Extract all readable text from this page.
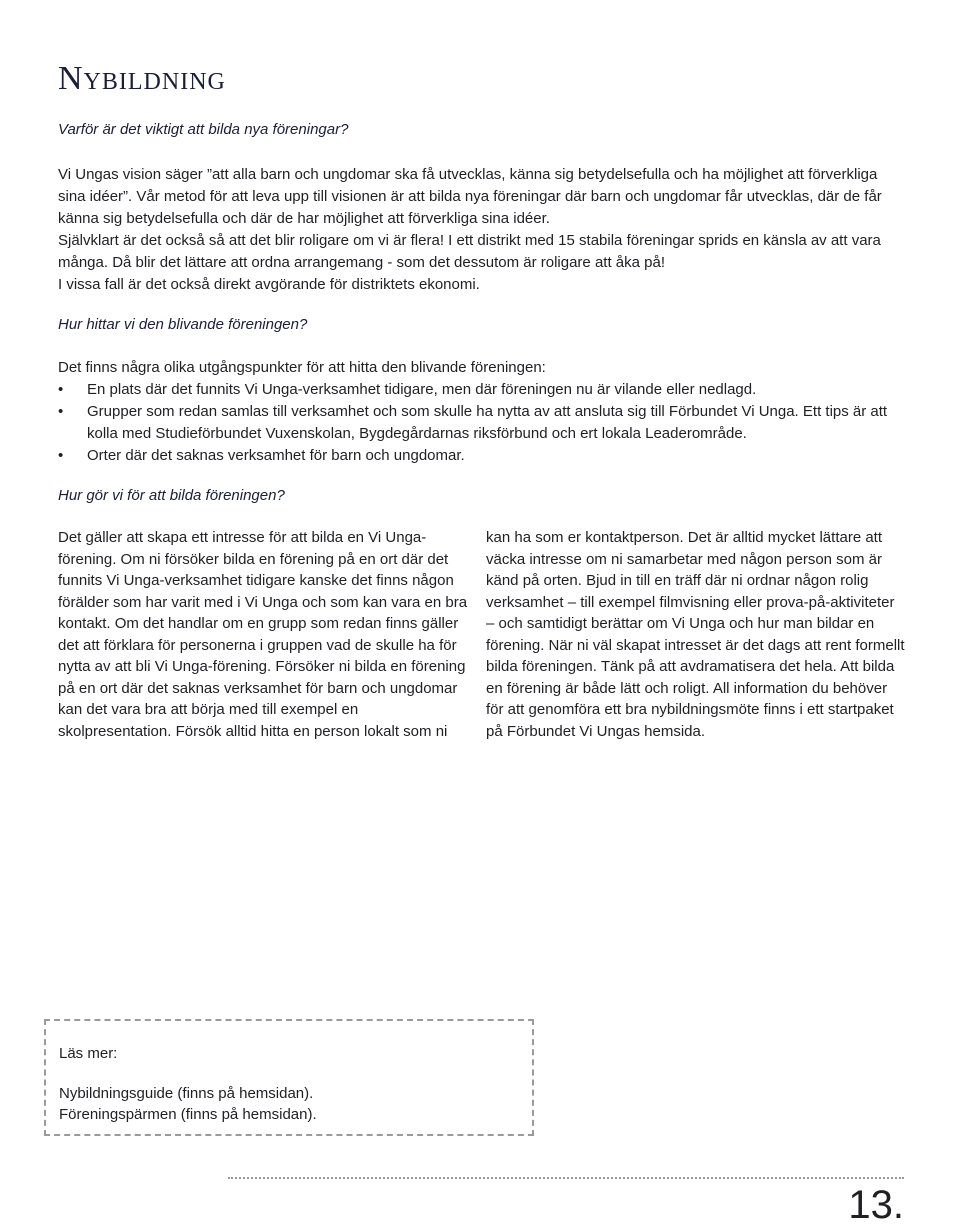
Nybildning
Varför är det viktigt att bilda nya föreningar?

Vi Ungas vision säger ”att alla barn och ungdomar ska få utvecklas, känna sig betydelsefulla och ha möjlighet att förverkliga sina idéer”. Vår metod för att leva upp till visionen är att bilda nya föreningar där barn och ungdomar får utvecklas, där de får känna sig betydelsefulla och där de har möjlighet att förverkliga sina idéer.

Självklart är det också så att det blir roligare om vi är flera! I ett distrikt med 15 stabila föreningar sprids en känsla av att vara många. Då blir det lättare att ordna arrangemang - som det dessutom är roligare att åka på!

I vissa fall är det också direkt avgörande för distriktets ekonomi.

Hur hittar vi den blivande föreningen?
Det finns några olika utgångspunkter för att hitta den blivande föreningen:
• En plats där det funnits Vi Unga-verksamhet tidigare, men där föreningen nu är vilande eller nedlagd.
• Grupper som redan samlas till verksamhet och som skulle ha nytta av att ansluta sig till Förbundet Vi Unga. Ett tips är att kolla med Studieförbundet Vuxenskolan, Bygdegårdarnas riksförbund och ert lokala Leaderområde.
• Orter där det saknas verksamhet för barn och ungdomar.
Hur gör vi för att bilda föreningen?

Det gäller att skapa ett intresse för att bilda en Vi Unga-förening. Om ni försöker bilda en förening på en ort där det funnits Vi Unga-verksamhet tidigare kanske det finns någon förälder som har varit med i Vi Unga och som kan vara en bra kontakt. Om det handlar om en grupp som redan finns gäller det att förklara för personerna i gruppen vad de skulle ha för nytta av att bli Vi Unga-förening. Försöker ni bilda en förening på en ort där det saknas verksamhet för barn och ungdomar kan det vara bra att börja med till exempel en skolpresentation. Försök alltid hitta en person lokalt som ni

kan ha som er kontaktperson. Det är alltid mycket lättare att väcka intresse om ni samarbetar med någon person som är känd på orten. Bjud in till en träff där ni ordnar någon rolig verksamhet – till exempel filmvisning eller prova-på-aktiviteter – och samtidigt berättar om Vi Unga och hur man bildar en förening. När ni väl skapat intresset är det dags att rent formellt bilda föreningen. Tänk på att avdramatisera det hela. Att bilda en förening är både lätt och roligt. All information du behöver för att genomföra ett bra nybildningsmöte finns i ett startpaket på Förbundet Vi Ungas hemsida.

Läs mer:
Nybildningsguide (finns på hemsidan).
Föreningspärmen (finns på hemsidan).
13.
